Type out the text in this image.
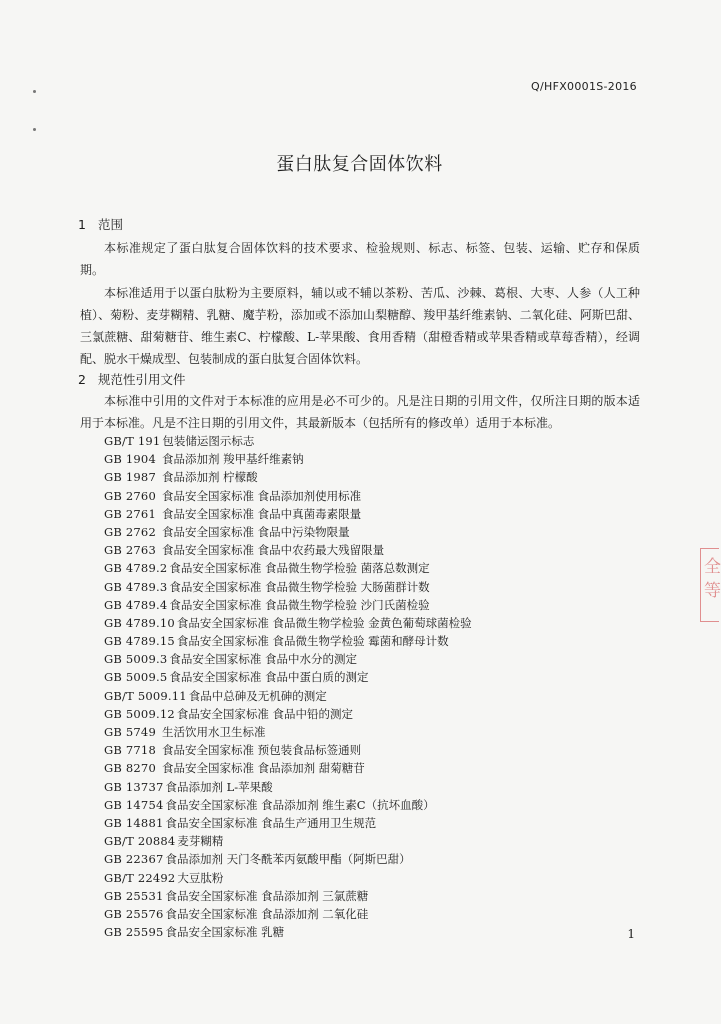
Q/HFX0001S-2016
蛋白肽复合固体饮料
1 范围

本标准规定了蛋白肽复合固体饮料的技术要求、检验规则、标志、标签、包装、运输、贮存和保质期。

本标准适用于以蛋白肽粉为主要原料，辅以或不辅以茶粉、苦瓜、沙棘、葛根、大枣、人参（人工种植）、菊粉、麦芽糊精、乳糖、魔芋粉，添加或不添加山梨糖醇、羧甲基纤维素钠、二氧化硅、阿斯巴甜、三氯蔗糖、甜菊糖苷、维生素C、柠檬酸、L-苹果酸、食用香精（甜橙香精或苹果香精或草莓香精），经调配、脱水干燥成型、包装制成的蛋白肽复合固体饮料。

2 规范性引用文件

本标准中引用的文件对于本标准的应用是必不可少的。凡是注日期的引用文件，仅所注日期的版本适用于本标准。凡是不注日期的引用文件，其最新版本（包括所有的修改单）适用于本标准。

GB/T 191 包装储运图示标志
GB 1904 食品添加剂 羧甲基纤维素钠
GB 1987 食品添加剂 柠檬酸
GB 2760 食品安全国家标准 食品添加剂使用标准
GB 2761 食品安全国家标准 食品中真菌毒素限量
GB 2762 食品安全国家标准 食品中污染物限量
GB 2763 食品安全国家标准 食品中农药最大残留限量
GB 4789.2 食品安全国家标准 食品微生物学检验 菌落总数测定
GB 4789.3 食品安全国家标准 食品微生物学检验 大肠菌群计数
GB 4789.4 食品安全国家标准 食品微生物学检验 沙门氏菌检验
GB 4789.10 食品安全国家标准 食品微生物学检验 金黄色葡萄球菌检验
GB 4789.15 食品安全国家标准 食品微生物学检验 霉菌和酵母计数
GB 5009.3 食品安全国家标准 食品中水分的测定
GB 5009.5 食品安全国家标准 食品中蛋白质的测定
GB/T 5009.11 食品中总砷及无机砷的测定
GB 5009.12 食品安全国家标准 食品中铅的测定
GB 5749 生活饮用水卫生标准
GB 7718 食品安全国家标准 预包装食品标签通则
GB 8270 食品安全国家标准 食品添加剂 甜菊糖苷
GB 13737 食品添加剂 L-苹果酸
GB 14754 食品安全国家标准 食品添加剂 维生素C（抗坏血酸）
GB 14881 食品安全国家标准 食品生产通用卫生规范
GB/T 20884 麦芽糊精
GB 22367 食品添加剂 天门冬酰苯丙氨酸甲酯（阿斯巴甜）
GB/T 22492 大豆肽粉
GB 25531 食品安全国家标准 食品添加剂 三氯蔗糖
GB 25576 食品安全国家标准 食品添加剂 二氧化硅
GB 25595 食品安全国家标准 乳糖
全 等
1
